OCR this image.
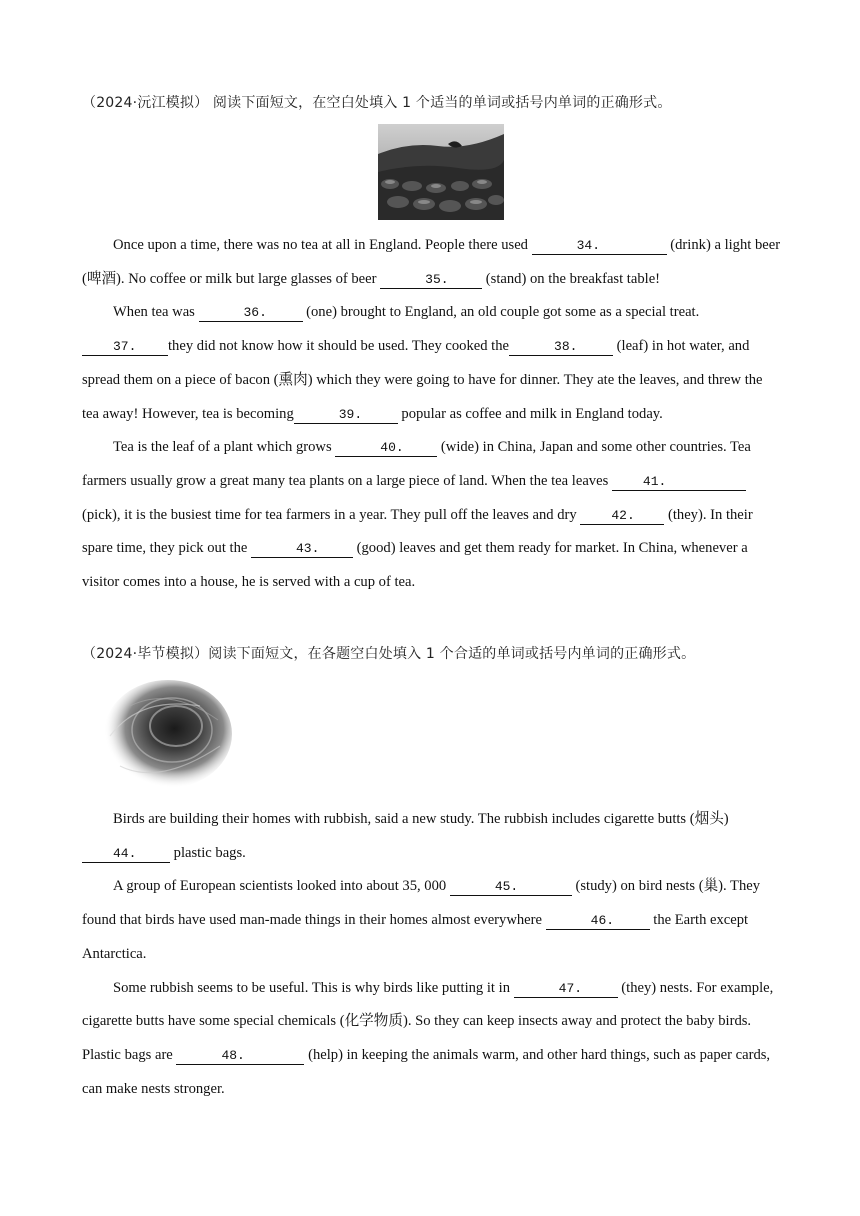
（2024·沅江模拟） 阅读下面短文，在空白处填入 1 个适当的单词或括号内单词的正确形式。

Once upon a time, there was no tea at all in England. People there used	34.	(drink) a light beer (啤酒). No coffee or milk but large glasses of beer	35. (stand) on the breakfast table!

When tea was	36. (one) brought to England, an old couple got some as a special treat. 37. they did not know how it should be used. They cooked the	38. (leaf) in hot water, and spread them on a piece of bacon (熏肉) which they were going to have for dinner. They ate the leaves, and threw the tea away! However, tea is becoming	39. popular as coffee and milk in England today.

Tea is the leaf of a plant which grows	40. (wide) in China, Japan and some other countries. Tea farmers usually grow a great many tea plants on a large piece of land. When the tea leaves 41. (pick), it is the busiest time for tea farmers in a year. They pull off the leaves and dry 42. (they). In their spare time, they pick out the	43. (good) leaves and get them ready for market. In China, whenever a visitor comes into a house, he is served with a cup of tea.

（2024·毕节模拟）阅读下面短文，在各题空白处填入 1 个合适的单词或括号内单词的正确形式。

Birds are building their homes with rubbish, said a new study. The rubbish includes cigarette butts (烟头) 44. plastic bags.

A group of European scientists looked into about 35, 000	45.	(study) on bird nests (巢). They found that birds have used man-made things in their homes almost everywhere	46. the Earth except Antarctica.

Some rubbish seems to be useful. This is why birds like putting it in	47. (they) nests. For example, cigarette butts have some special chemicals (化学物质). So they can keep insects away and protect the baby birds. Plastic bags are	48.	(help) in keeping the animals warm, and other hard things, such as paper cards, can make nests stronger.
